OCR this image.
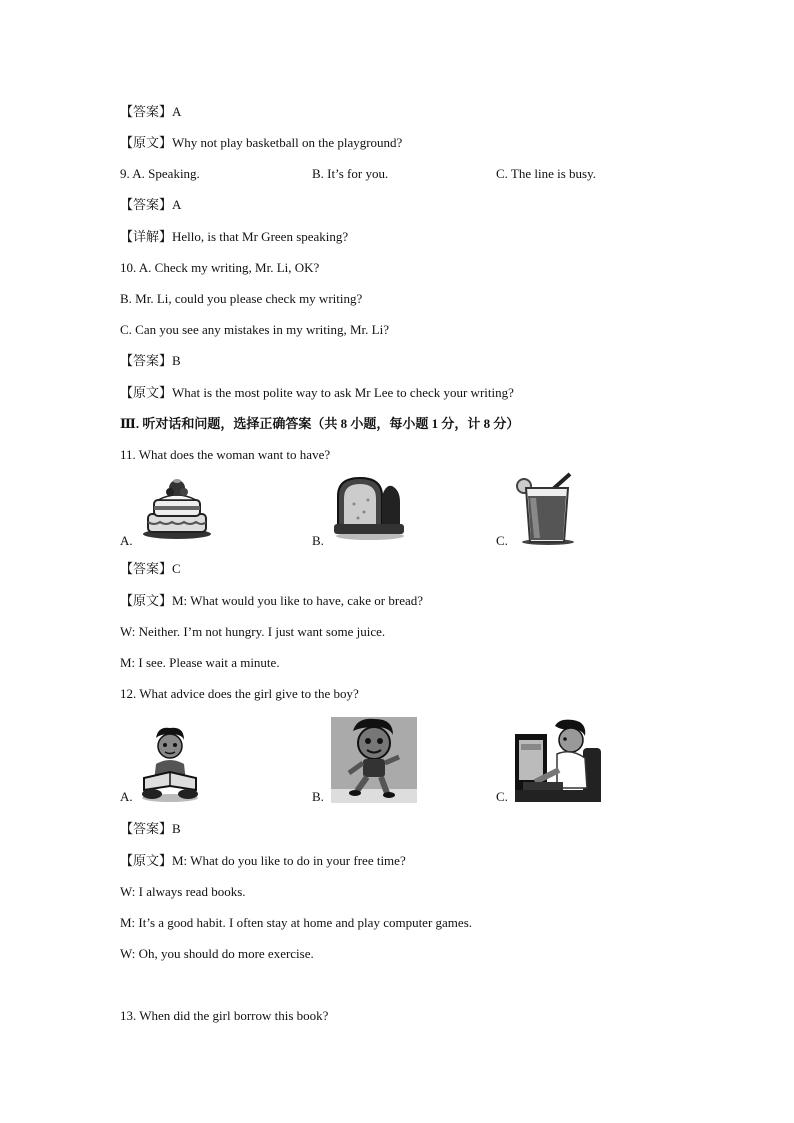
【答案】A
【原文】Why not play basketball on the playground?
9. A. Speaking.	B. It’s for you.	C. The line is busy.
【答案】A
【详解】Hello, is that Mr Green speaking?
10. A. Check my writing, Mr. Li, OK?
B. Mr. Li, could you please check my writing?
C. Can you see any mistakes in my writing, Mr. Li?
【答案】B
【原文】What is the most polite way to ask Mr Lee to check your writing?
Ⅲ. 听对话和问题，选择正确答案（共 8 小题，每小题 1 分，计 8 分）
11. What does the woman want to have?
A.	B.	C.
【答案】C
【原文】M: What would you like to have, cake or bread?
W: Neither. I’m not hungry. I just want some juice.
M: I see. Please wait a minute.
12. What advice does the girl give to the boy?
A.	B.	C.
【答案】B
【原文】M: What do you like to do in your free time?
W: I always read books.
M: It’s a good habit. I often stay at home and play computer games.
W: Oh, you should do more exercise.
13. When did the girl borrow this book?
